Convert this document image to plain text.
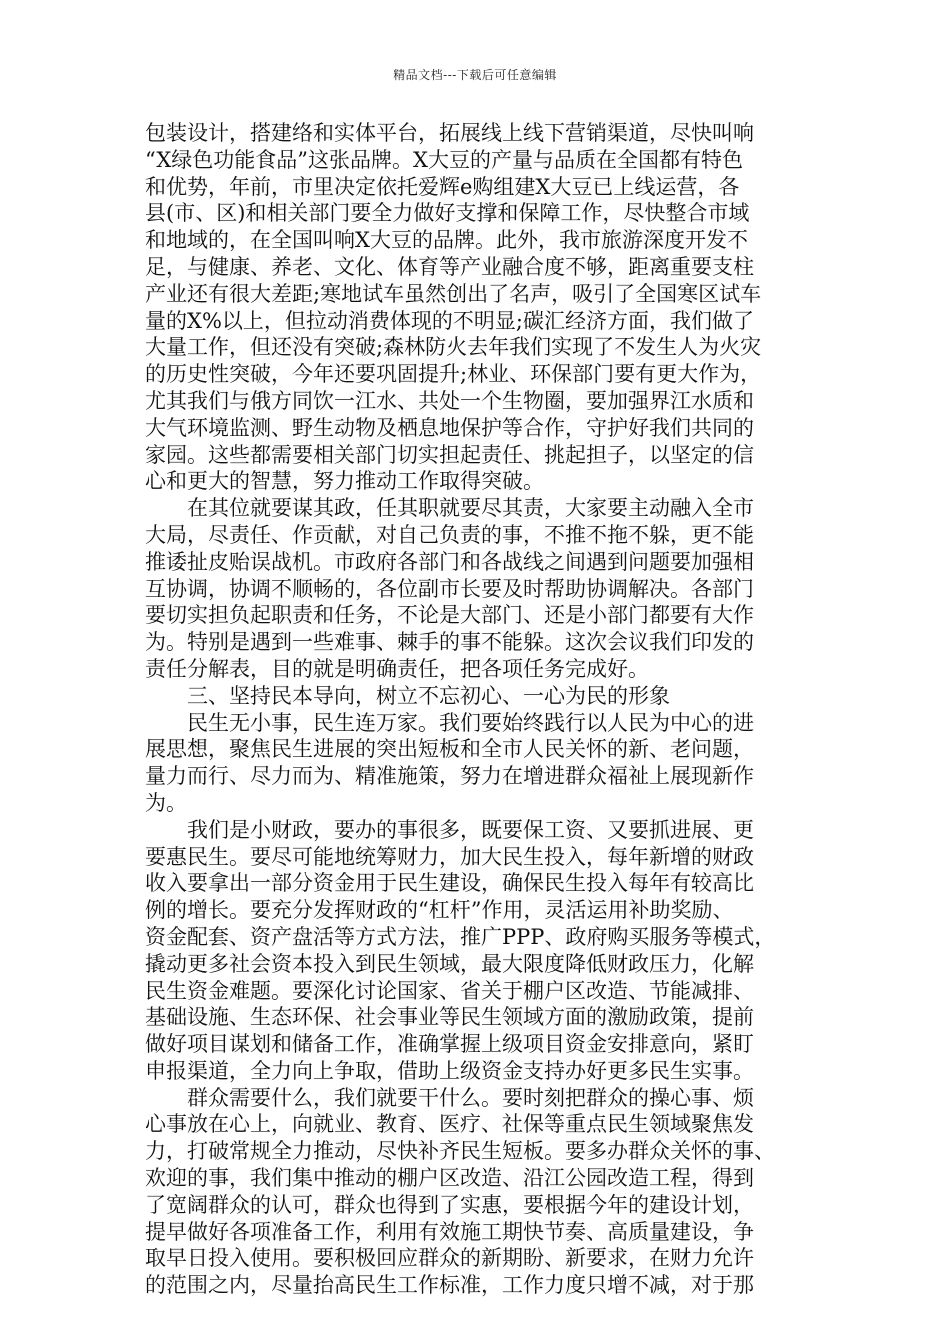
精品文档---下载后可任意编辑
包装设计，搭建络和实体平台，拓展线上线下营销渠道，尽快叫响
“X绿色功能食品”这张品牌。X大豆的产量与品质在全国都有特色
和优势，年前，市里决定依托爱辉e购组建X大豆已上线运营，各
县(市、区)和相关部门要全力做好支撑和保障工作，尽快整合市域
和地域的，在全国叫响X大豆的品牌。此外，我市旅游深度开发不
足，与健康、养老、文化、体育等产业融合度不够，距离重要支柱
产业还有很大差距;寒地试车虽然创出了名声，吸引了全国寒区试车
量的X%以上，但拉动消费体现的不明显;碳汇经济方面，我们做了
大量工作，但还没有突破;森林防火去年我们实现了不发生人为火灾
的历史性突破，今年还要巩固提升;林业、环保部门要有更大作为，
尤其我们与俄方同饮一江水、共处一个生物圈，要加强界江水质和
大气环境监测、野生动物及栖息地保护等合作，守护好我们共同的
家园。这些都需要相关部门切实担起责任、挑起担子，以坚定的信
心和更大的智慧，努力推动工作取得突破。
　　在其位就要谋其政，任其职就要尽其责，大家要主动融入全市
大局，尽责任、作贡献，对自己负责的事，不推不拖不躲，更不能
推诿扯皮贻误战机。市政府各部门和各战线之间遇到问题要加强相
互协调，协调不顺畅的，各位副市长要及时帮助协调解决。各部门
要切实担负起职责和任务，不论是大部门、还是小部门都要有大作
为。特别是遇到一些难事、棘手的事不能躲。这次会议我们印发的
责任分解表，目的就是明确责任，把各项任务完成好。
　　三、坚持民本导向，树立不忘初心、一心为民的形象
　　民生无小事，民生连万家。我们要始终践行以人民为中心的进
展思想，聚焦民生进展的突出短板和全市人民关怀的新、老问题，
量力而行、尽力而为、精准施策，努力在增进群众福祉上展现新作
为。
　　我们是小财政，要办的事很多，既要保工资、又要抓进展、更
要惠民生。要尽可能地统筹财力，加大民生投入，每年新增的财政
收入要拿出一部分资金用于民生建设，确保民生投入每年有较高比
例的增长。要充分发挥财政的“杠杆”作用，灵活运用补助奖励、
资金配套、资产盘活等方式方法，推广PPP、政府购买服务等模式，
撬动更多社会资本投入到民生领域，最大限度降低财政压力，化解
民生资金难题。要深化讨论国家、省关于棚户区改造、节能减排、
基础设施、生态环保、社会事业等民生领域方面的激励政策，提前
做好项目谋划和储备工作，准确掌握上级项目资金安排意向，紧盯
申报渠道，全力向上争取，借助上级资金支持办好更多民生实事。
　　群众需要什么，我们就要干什么。要时刻把群众的操心事、烦
心事放在心上，向就业、教育、医疗、社保等重点民生领域聚焦发
力，打破常规全力推动，尽快补齐民生短板。要多办群众关怀的事、
欢迎的事，我们集中推动的棚户区改造、沿江公园改造工程，得到
了宽阔群众的认可，群众也得到了实惠，要根据今年的建设计划，
提早做好各项准备工作，利用有效施工期快节奏、高质量建设，争
取早日投入使用。要积极回应群众的新期盼、新要求，在财力允许
的范围之内，尽量抬高民生工作标准，工作力度只增不减，对于那
